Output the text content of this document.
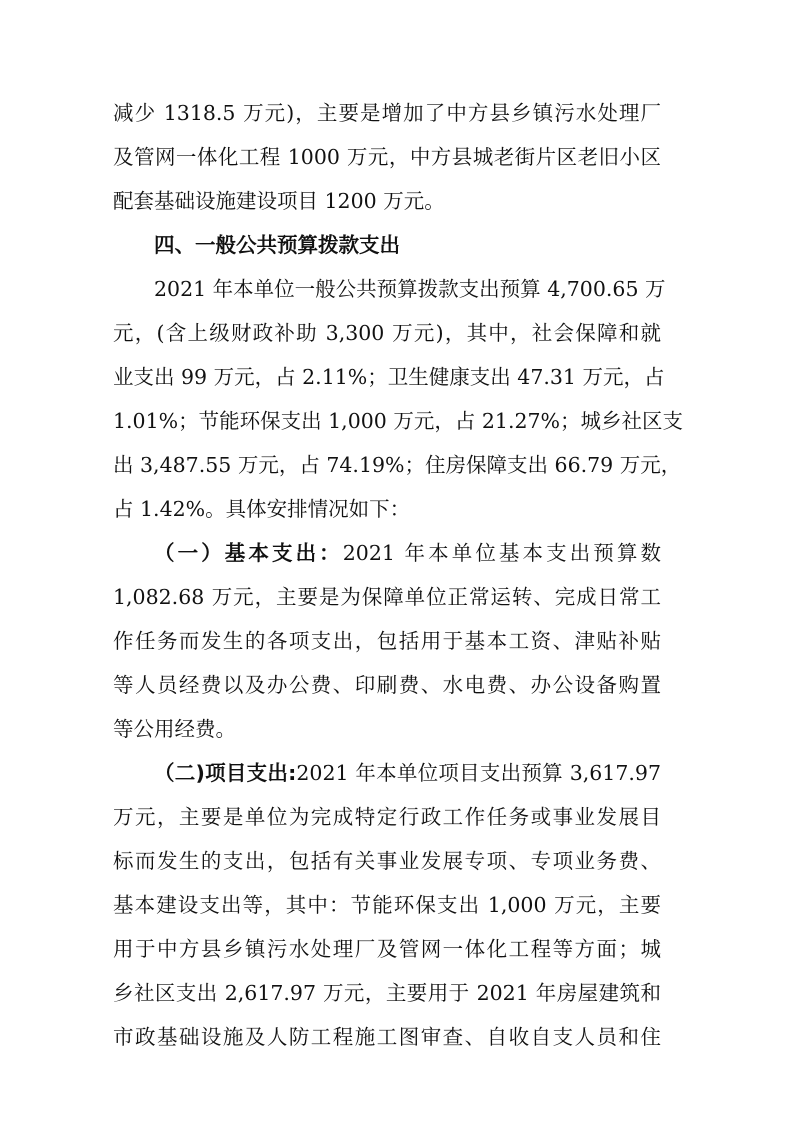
减少 1318.5 万元)，主要是增加了中方县乡镇污水处理厂
及管网一体化工程 1000 万元，中方县城老街片区老旧小区
配套基础设施建设项目 1200 万元。
四、一般公共预算拨款支出
2021 年本单位一般公共预算拨款支出预算 4,700.65 万
元，(含上级财政补助 3,300 万元)，其中，社会保障和就
业支出 99 万元，占 2.11%；卫生健康支出 47.31 万元，占
1.01%；节能环保支出 1,000 万元，占 21.27%；城乡社区支
出 3,487.55 万元，占 74.19%；住房保障支出 66.79 万元，
占 1.42%。具体安排情况如下：
（一）基本支出：2021 年本单位基本支出预算数
1,082.68 万元，主要是为保障单位正常运转、完成日常工
作任务而发生的各项支出，包括用于基本工资、津贴补贴
等人员经费以及办公费、印刷费、水电费、办公设备购置
等公用经费。
（二)项目支出:2021 年本单位项目支出预算 3,617.97
万元，主要是单位为完成特定行政工作任务或事业发展目
标而发生的支出，包括有关事业发展专项、专项业务费、
基本建设支出等，其中：节能环保支出 1,000 万元，主要
用于中方县乡镇污水处理厂及管网一体化工程等方面；城
乡社区支出 2,617.97 万元，主要用于 2021 年房屋建筑和
市政基础设施及人防工程施工图审查、自收自支人员和住
